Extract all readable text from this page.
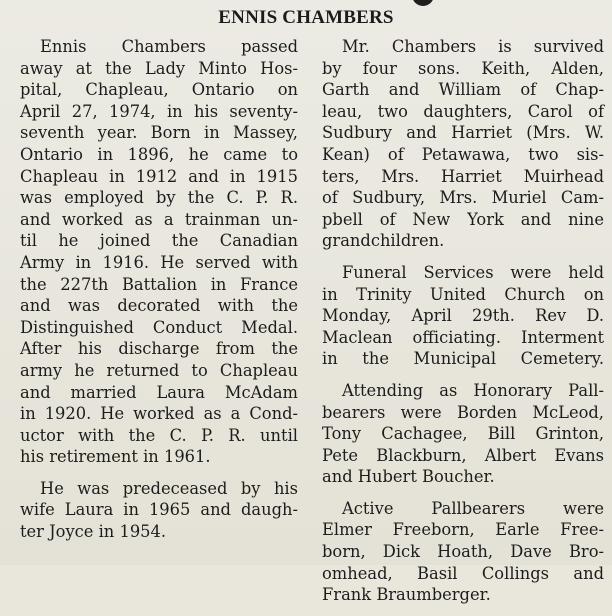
ENNIS CHAMBERS

Ennis Chambers passed
away at the Lady Minto Hos-
pital, Chapleau, Ontario on
April 27, 1974, in his seventy-
seventh year. Born in Massey,
Ontario in 1896, he came to
Chapleau in 1912 and in 1915
was employed by the C. P. R.
and worked as a trainman un-
til he joined the Canadian
Army in 1916. He served with
the 227th Battalion in France
and was decorated with the
Distinguished Conduct Medal.
After his discharge from the
army he returned to Chapleau
and married Laura McAdam
in 1920. He worked as a Cond-
uctor with the C. P. R. until
his retirement in 1961.

He was predeceased by his
wife Laura in 1965 and daugh-
ter Joyce in 1954.

Mr. Chambers is survived
by four sons. Keith, Alden,
Garth and William of Chap-
leau, two daughters, Carol of
Sudbury and Harriet (Mrs. W.
Kean) of Petawawa, two sis-
ters, Mrs. Harriet Muirhead
of Sudbury, Mrs. Muriel Cam-
pbell of New York and nine
grandchildren.

Funeral Services were held
in Trinity United Church on
Monday, April 29th. Rev D.
Maclean officiating. Interment
in the Municipal Cemetery.

Attending as Honorary Pall-
bearers were Borden McLeod,
Tony Cachagee, Bill Grinton,
Pete Blackburn, Albert Evans
and Hubert Boucher.

Active Pallbearers were
Elmer Freeborn, Earle Free-
born, Dick Hoath, Dave Bro-
omhead, Basil Collings and
Frank Braumberger.
